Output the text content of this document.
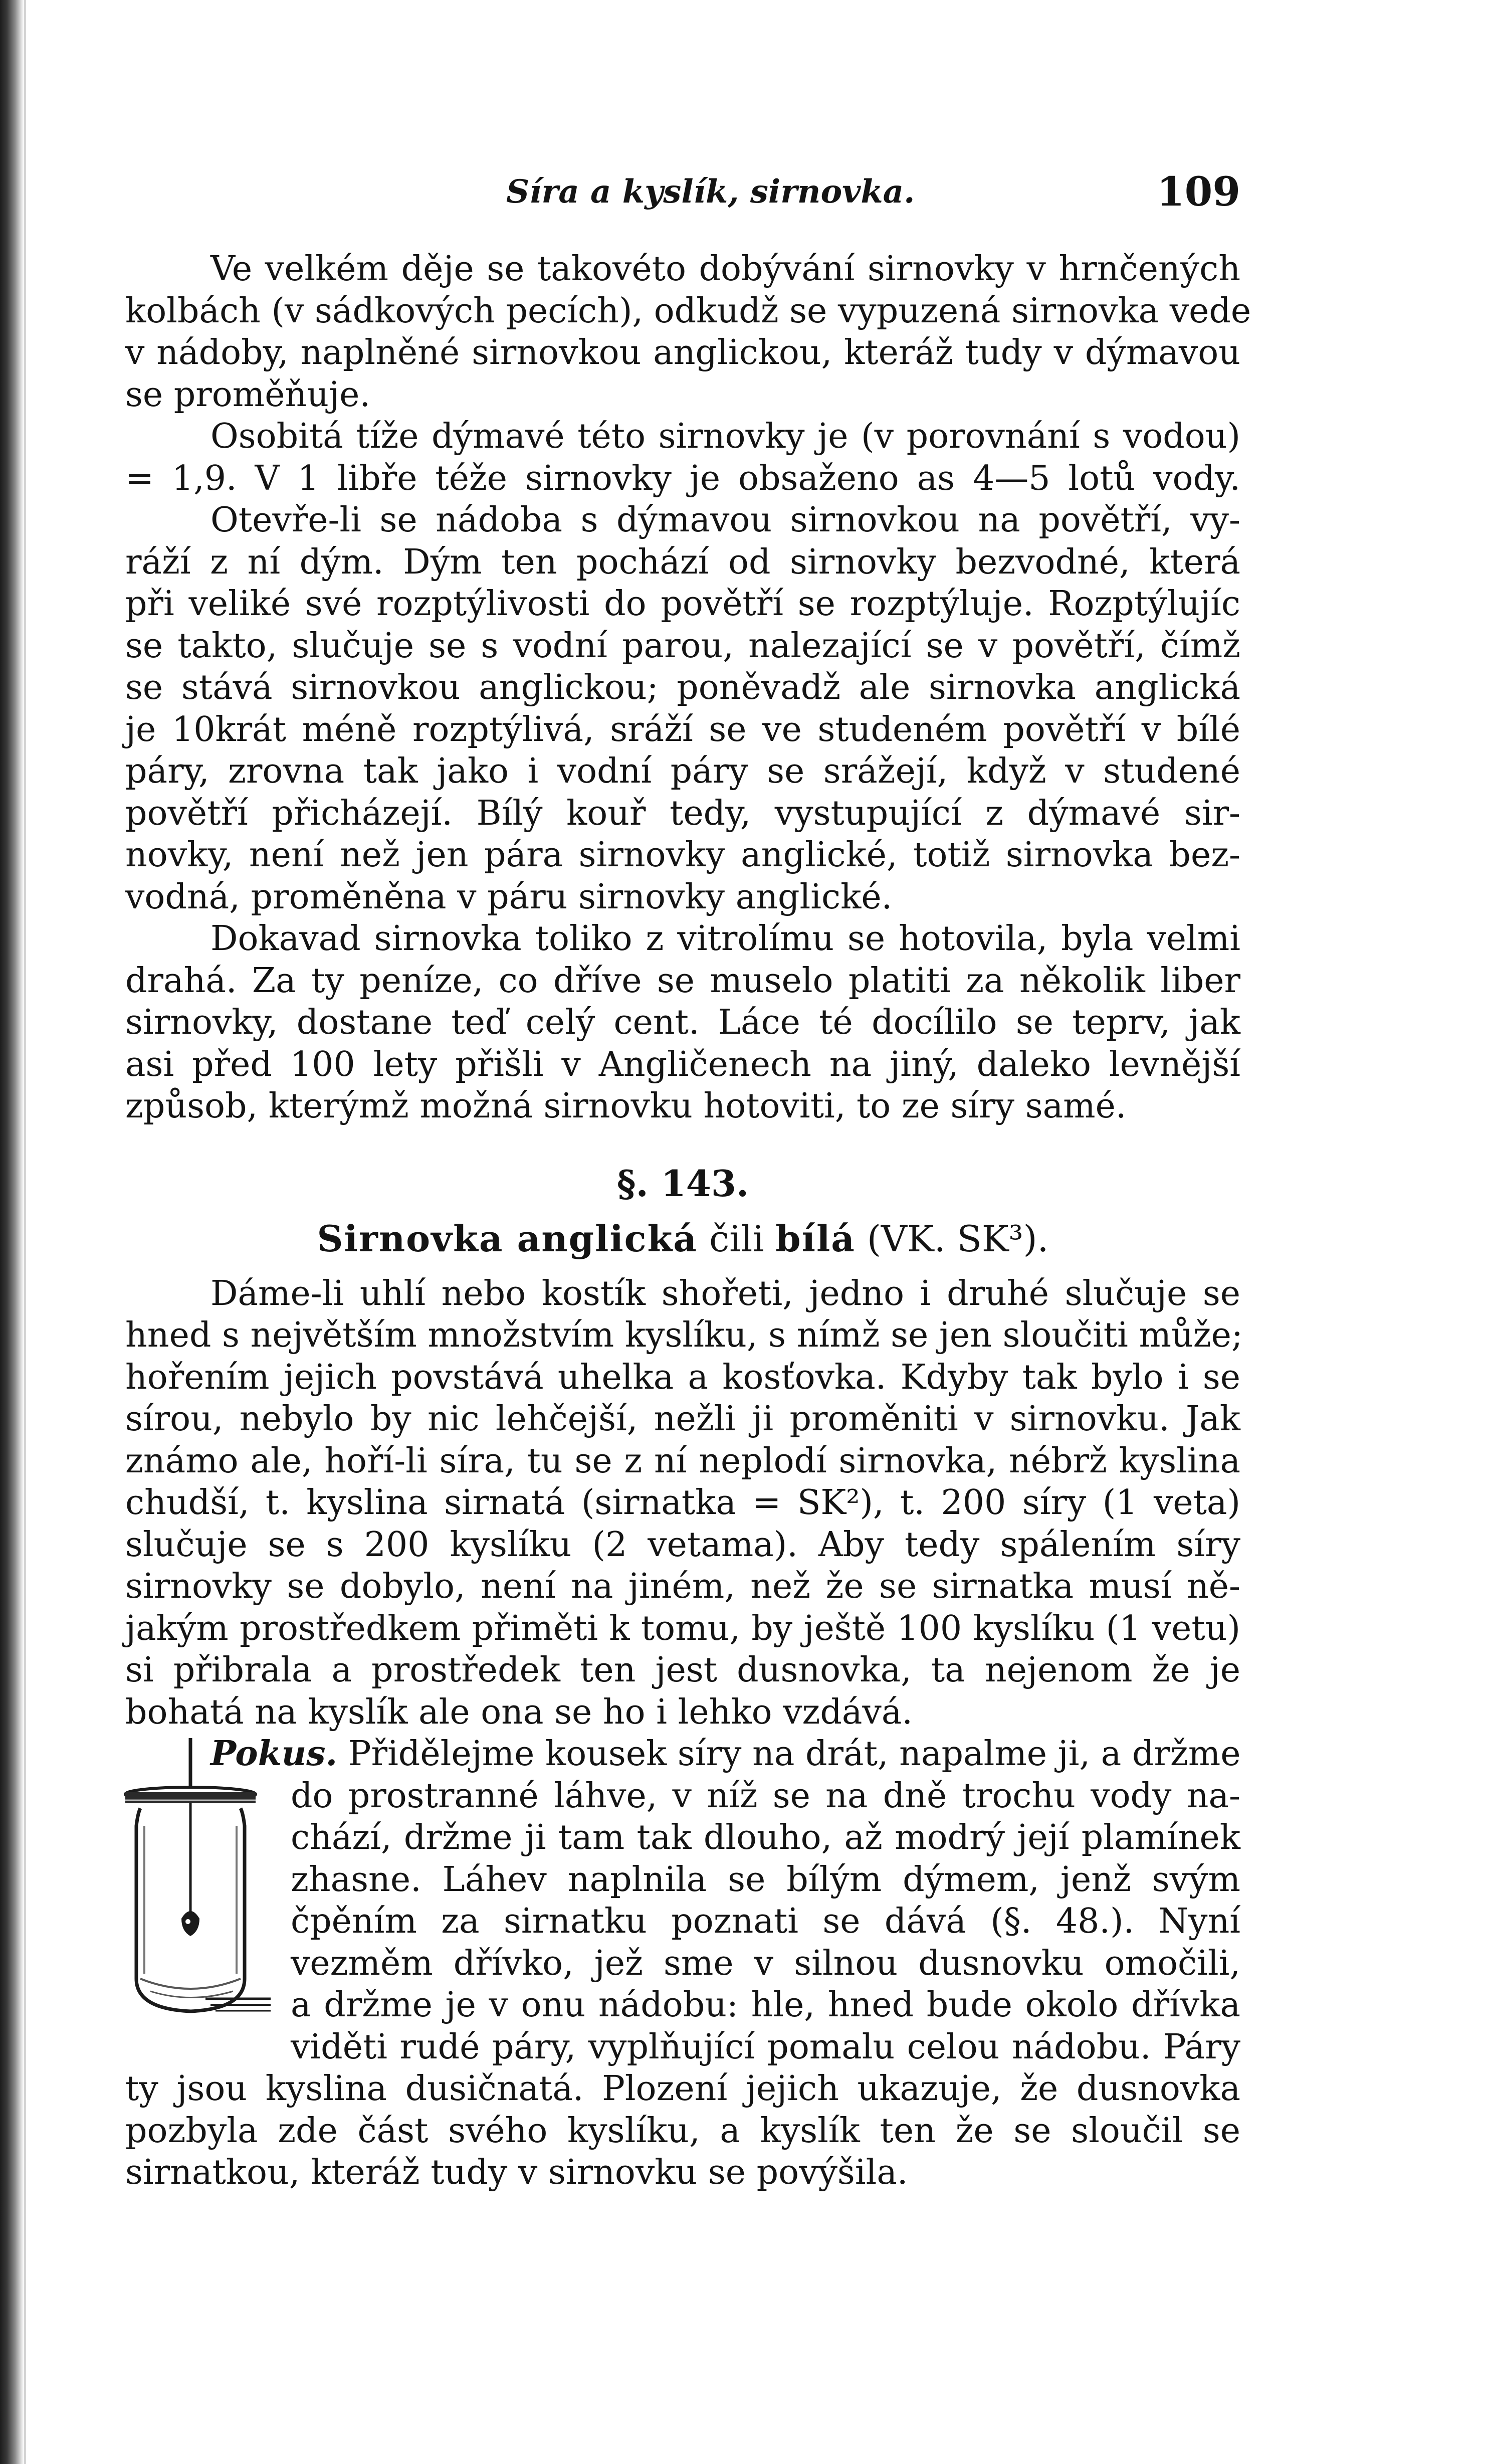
Síra a kyslík, sirnovka.	109
Ve velkém děje se takovéto dobývání sirnovky v hrnčených
kolbách (v sádkových pecích), odkudž se vypuzená sirnovka vede
v nádoby, naplněné sirnovkou anglickou, kteráž tudy v dýmavou
se proměňuje.
Osobitá tíže dýmavé této sirnovky je (v porovnání s vodou)
= 1,9. V 1 libře téže sirnovky je obsaženo as 4—5 lotů vody.
Otevře-li se nádoba s dýmavou sirnovkou na povětří, vy-
ráží z ní dým. Dým ten pochází od sirnovky bezvodné, která
při veliké své rozptýlivosti do povětří se rozptýluje. Rozptýlujíc
se takto, slučuje se s vodní parou, nalezající se v povětří, čímž
se stává sirnovkou anglickou; poněvadž ale sirnovka anglická
je 10krát méně rozptýlivá, sráží se ve studeném povětří v bílé
páry, zrovna tak jako i vodní páry se srážejí, když v studené
povětří přicházejí. Bílý kouř tedy, vystupující z dýmavé sir-
novky, není než jen pára sirnovky anglické, totiž sirnovka bez-
vodná, proměněna v páru sirnovky anglické.
Dokavad sirnovka toliko z vitrolímu se hotovila, byla velmi
drahá. Za ty peníze, co dříve se muselo platiti za několik liber
sirnovky, dostane teď celý cent. Láce té docílilo se teprv, jak
asi před 100 lety přišli v Angličenech na jiný, daleko levnější
způsob, kterýmž možná sirnovku hotoviti, to ze síry samé.
§. 143.
Sirnovka anglická čili bílá (VK. SK³).
Dáme-li uhlí nebo kostík shořeti, jedno i druhé slučuje se
hned s největším množstvím kyslíku, s nímž se jen sloučiti může;
hořením jejich povstává uhelka a kosťovka. Kdyby tak bylo i se
sírou, nebylo by nic lehčejší, nežli ji proměniti v sirnovku. Jak
známo ale, hoří-li síra, tu se z ní neplodí sirnovka, nébrž kyslina
chudší, t. kyslina sirnatá (sirnatka = SK²), t. 200 síry (1 veta)
slučuje se s 200 kyslíku (2 vetama). Aby tedy spálením síry
sirnovky se dobylo, není na jiném, než že se sirnatka musí ně-
jakým prostředkem přiměti k tomu, by ještě 100 kyslíku (1 vetu)
si přibrala a prostředek ten jest dusnovka, ta nejenom že je
bohatá na kyslík ale ona se ho i lehko vzdává.
Pokus. Přidělejme kousek síry na drát, napalme ji, a držme
do prostranné láhve, v níž se na dně trochu vody na-
chází, držme ji tam tak dlouho, až modrý její plamínek
zhasne. Láhev naplnila se bílým dýmem, jenž svým
čpěním za sirnatku poznati se dává (§. 48.). Nyní
vezměm dřívko, jež sme v silnou dusnovku omočili,
a držme je v onu nádobu: hle, hned bude okolo dřívka
viděti rudé páry, vyplňující pomalu celou nádobu. Páry
ty jsou kyslina dusičnatá. Plození jejich ukazuje, že dusnovka
pozbyla zde část svého kyslíku, a kyslík ten že se sloučil se
sirnatkou, kteráž tudy v sirnovku se povýšila.
